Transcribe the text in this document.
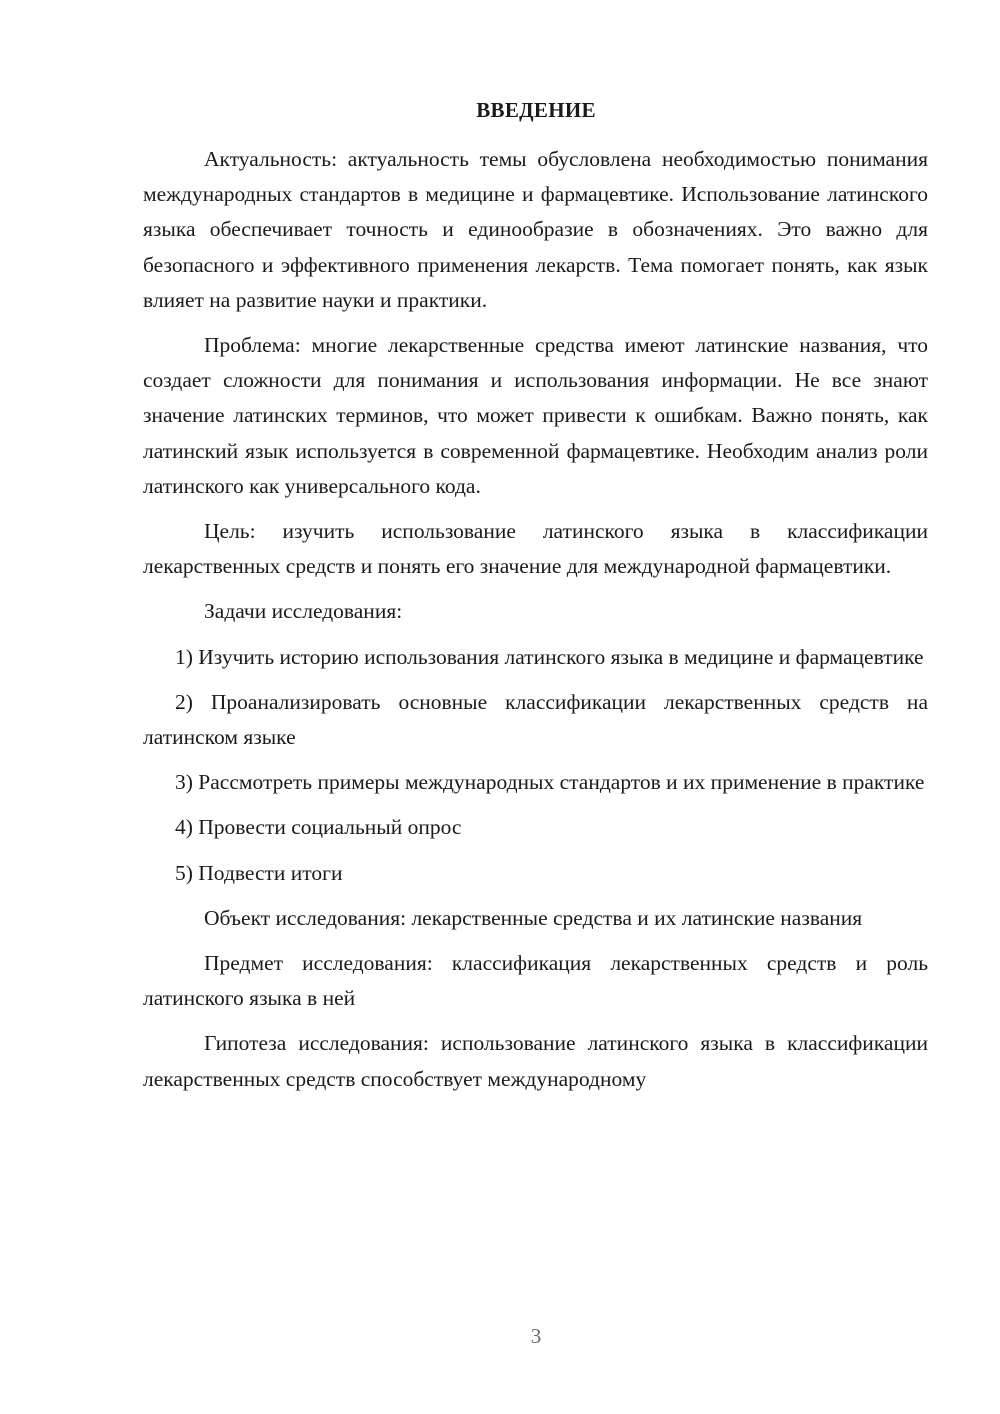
ВВЕДЕНИЕ

Актуальность: актуальность темы обусловлена необходимостью понимания международных стандартов в медицине и фармацевтике. Использование латинского языка обеспечивает точность и единообразие в обозначениях. Это важно для безопасного и эффективного применения лекарств. Тема помогает понять, как язык влияет на развитие науки и практики.

Проблема: многие лекарственные средства имеют латинские названия, что создает сложности для понимания и использования информации. Не все знают значение латинских терминов, что может привести к ошибкам. Важно понять, как латинский язык используется в современной фармацевтике. Необходим анализ роли латинского как универсального кода.

Цель: изучить использование латинского языка в классификации лекарственных средств и понять его значение для международной фармацевтики.

Задачи исследования:

1) Изучить историю использования латинского языка в медицине и фармацевтике

2) Проанализировать основные классификации лекарственных средств на латинском языке

3) Рассмотреть примеры международных стандартов и их применение в практике

4) Провести социальный опрос

5) Подвести итоги

Объект исследования: лекарственные средства и их латинские названия

Предмет исследования: классификация лекарственных средств и роль латинского языка в ней

Гипотеза исследования: использование латинского языка в классификации лекарственных средств способствует международному

3
